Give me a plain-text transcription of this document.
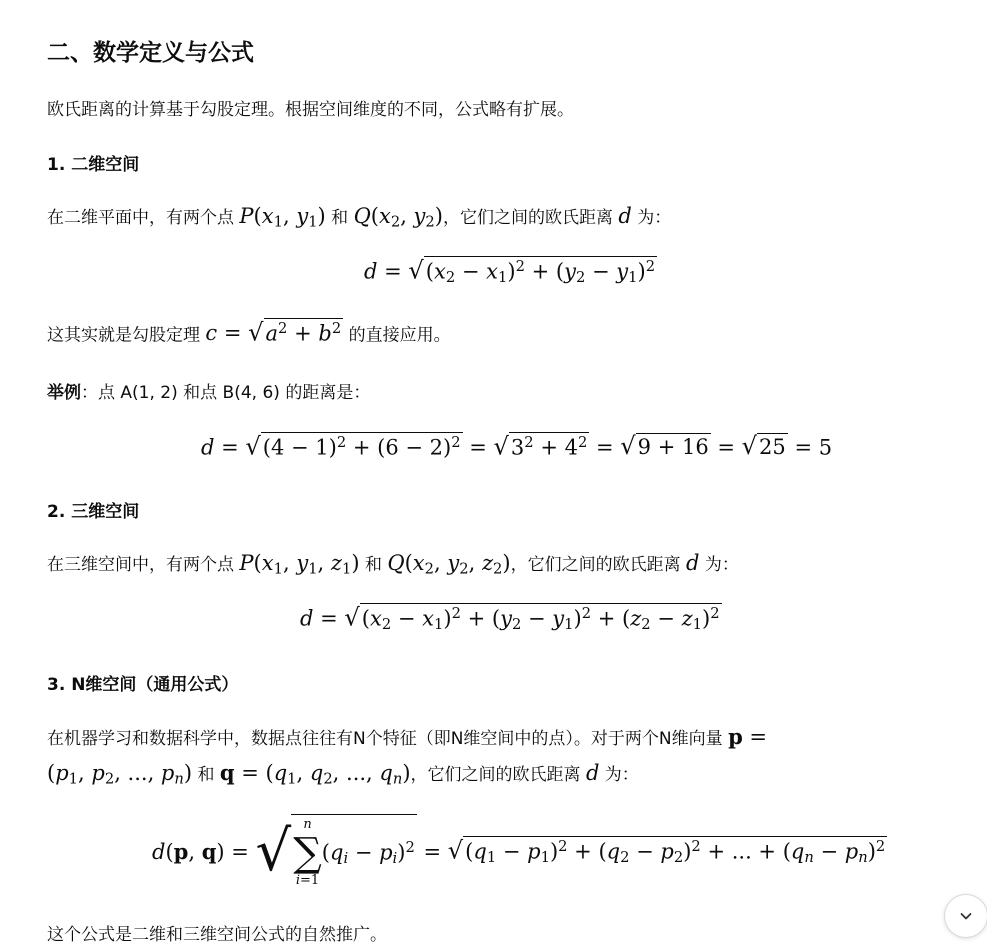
二、数学定义与公式
欧氏距离的计算基于勾股定理。根据空间维度的不同，公式略有扩展。
1. 二维空间
在二维平面中，有两个点 $P(x_1$, $y_1$) 和 $Q(x_2$, $y_2$)，它们之间的欧氏距离 d 为：
$d = √(x_2 - x_1)^2 + (y_2 - y_1)^2$
这其实就是勾股定理 $c = √a^2 + b^2$ 的直接应用。
举例：点 A(1, 2) 和点 B(4, 6) 的距离是：
$d = √(4 - 1)^2 + (6 - 2)^2 = √3^2 + 4^2 = √9 + 16 = √25 = 5$
2. 三维空间
在三维空间中，有两个点 $P(x_1$, $y_1$, $z_1$) 和 $Q(x_2$, $y_2$, $z_2$)，它们之间的欧氏距离 d 为：
$d = √(x_2 - x_1)^2 + (y_2 - y_1)^2 + (z_2 - z_1)^2$
3. N维空间（通用公式）
在机器学习和数据科学中，数据点往往有N个特征（即N维空间中的点）。对于两个N维向量 p =
($p_1$, $p_2$, ..., $p_n$) 和 $q = (q_1$, $q_2$, ..., $q_n$)，它们之间的欧氏距离 d 为：
d(p, q) = √ n
∑
i=1
$(q_i - p_i)^2 = √(q_1 - p_1)^2 + (q_2 - p_2)^2$ + ... + $(q_n - p_n)^2$
这个公式是二维和三维空间公式的自然推广。
